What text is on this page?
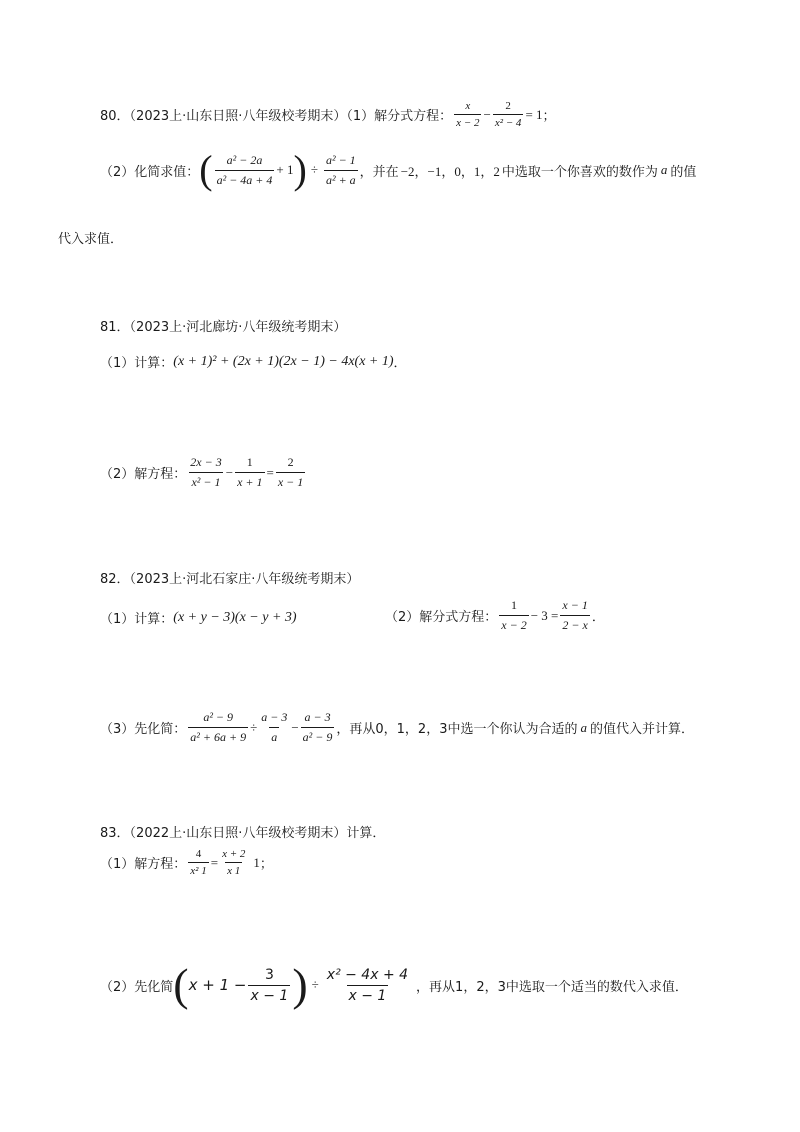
80．（2023上·山东日照·八年级校考期末）（1）解分式方程： $\frac{x}{x - 2} - \frac{2}{\text{x² − 4}} = 1$ ；
（2）化简求值： ( $\frac{\text{a² − 2a}}{\text{a² − 4a + 4}} + 1$ ) ÷ $\frac{\text{a² − 1}}{\text{a² + a}}$ ，并在 −2，−1，0，1，2 中选取一个你喜欢的数作为 a 的值
代入求值．
81．（2023上·河北廊坊·八年级统考期末）
（1）计算： (x + 1)² + (2x + 1)(2x − 1) − 4x(x + 1) ．
（2）解方程： $\frac{2x - 3}{\text{x² − 1}} - \frac{1}{x + 1} = \frac{2}{x - 1}$
82．（2023上·河北石家庄·八年级统考期末）
（1）计算： (x + y − 3)(x − y + 3)	（2）解分式方程： $\frac{1}{x - 2} - 3 = \frac{x - 1}{2 - x}$ ．
（3）先化简： $\frac{\text{a² − 9}}{\text{a² + 6a + 9}} \div \frac{a - 3}{a} - \frac{a - 3}{\text{a² − 9}}$ ，再从0，1，2，3中选一个你认为合适的 a 的值代入并计算．
83．（2022上·山东日照·八年级校考期末）计算．
（1）解方程： $\frac{4}{\text{x² 1}} = \frac{x + 2}{x 1} 1$ ；
（2）先化简 ( $x + 1 - \frac{3}{x - 1}$ ) ÷ $\frac{\text{x² − 4x + 4}}{x - 1}$ ，再从1，2，3中选取一个适当的数代入求值．
